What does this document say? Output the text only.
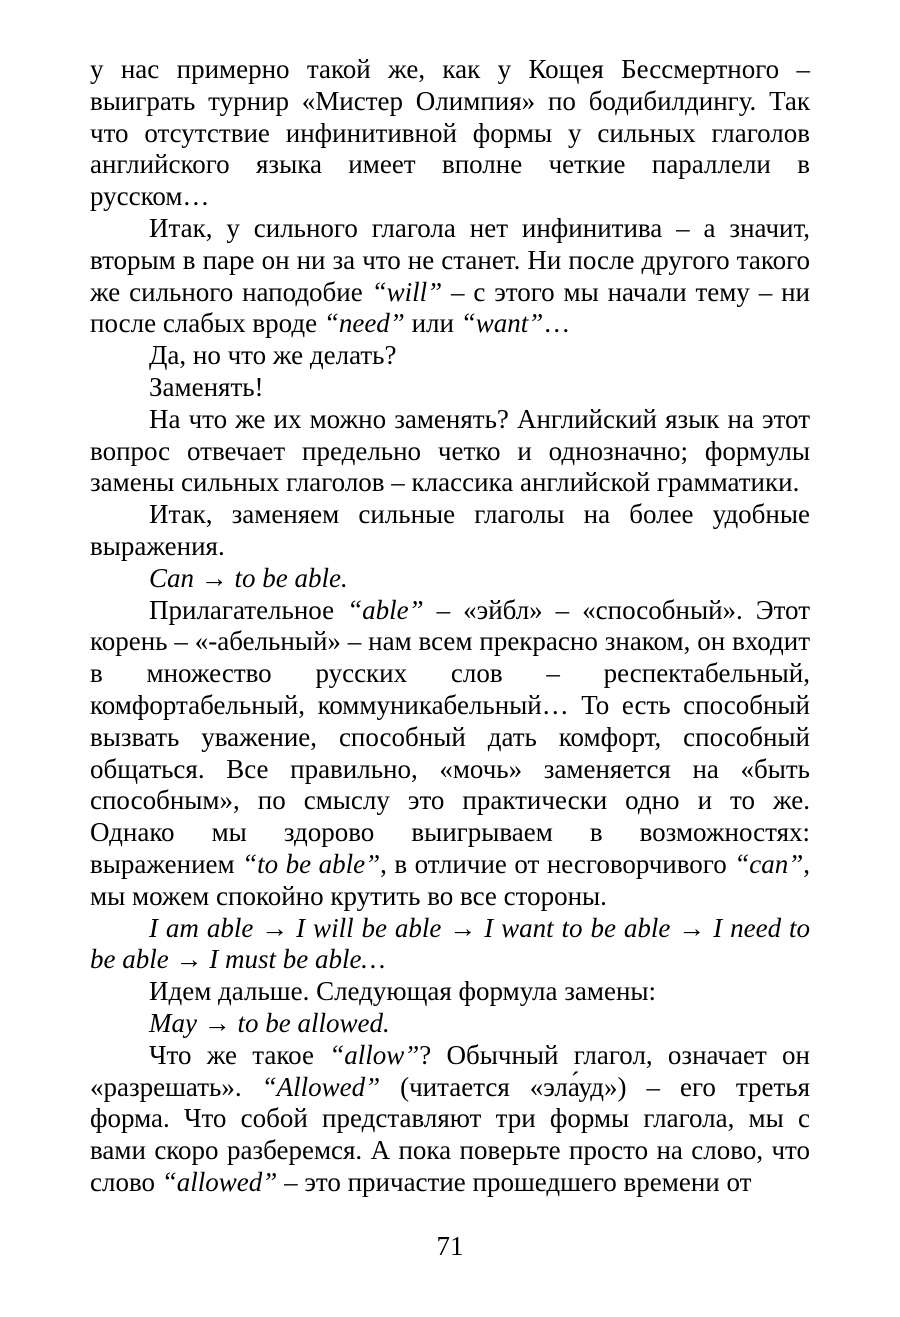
у нас примерно такой же, как у Кощея Бессмертного – выиграть турнир «Мистер Олимпия» по бодибилдингу. Так что отсутствие инфинитивной формы у сильных глаголов английского языка имеет вполне четкие параллели в русском…

Итак, у сильного глагола нет инфинитива – а значит, вторым в паре он ни за что не станет. Ни после другого такого же сильного наподобие “will” – с этого мы начали тему – ни после слабых вроде “need” или “want”…

Да, но что же делать?

Заменять!

На что же их можно заменять? Английский язык на этот вопрос отвечает предельно четко и однозначно; формулы замены сильных глаголов – классика английской грамматики.

Итак, заменяем сильные глаголы на более удобные выражения.

Can → to be able.

Прилагательное “able” – «эйбл» – «способный». Этот корень – «-абельный» – нам всем прекрасно знаком, он входит в множество русских слов – респектабельный, комфортабельный, коммуникабельный… То есть способный вызвать уважение, способный дать комфорт, способный общаться. Все правильно, «мочь» заменяется на «быть способным», по смыслу это практически одно и то же. Однако мы здорово выигрываем в возможностях: выражением “to be able”, в отличие от несговорчивого “can”, мы можем спокойно крутить во все стороны.

I am able → I will be able → I want to be able → I need to be able → I must be able…

Идем дальше. Следующая формула замены:

May → to be allowed.

Что же такое “allow”? Обычный глагол, означает он «разрешать». “Allowed” (читается «эла́уд») – его третья форма. Что собой представляют три формы глагола, мы с вами скоро разберемся. А пока поверьте просто на слово, что слово “allowed” – это причастие прошедшего времени от

71
